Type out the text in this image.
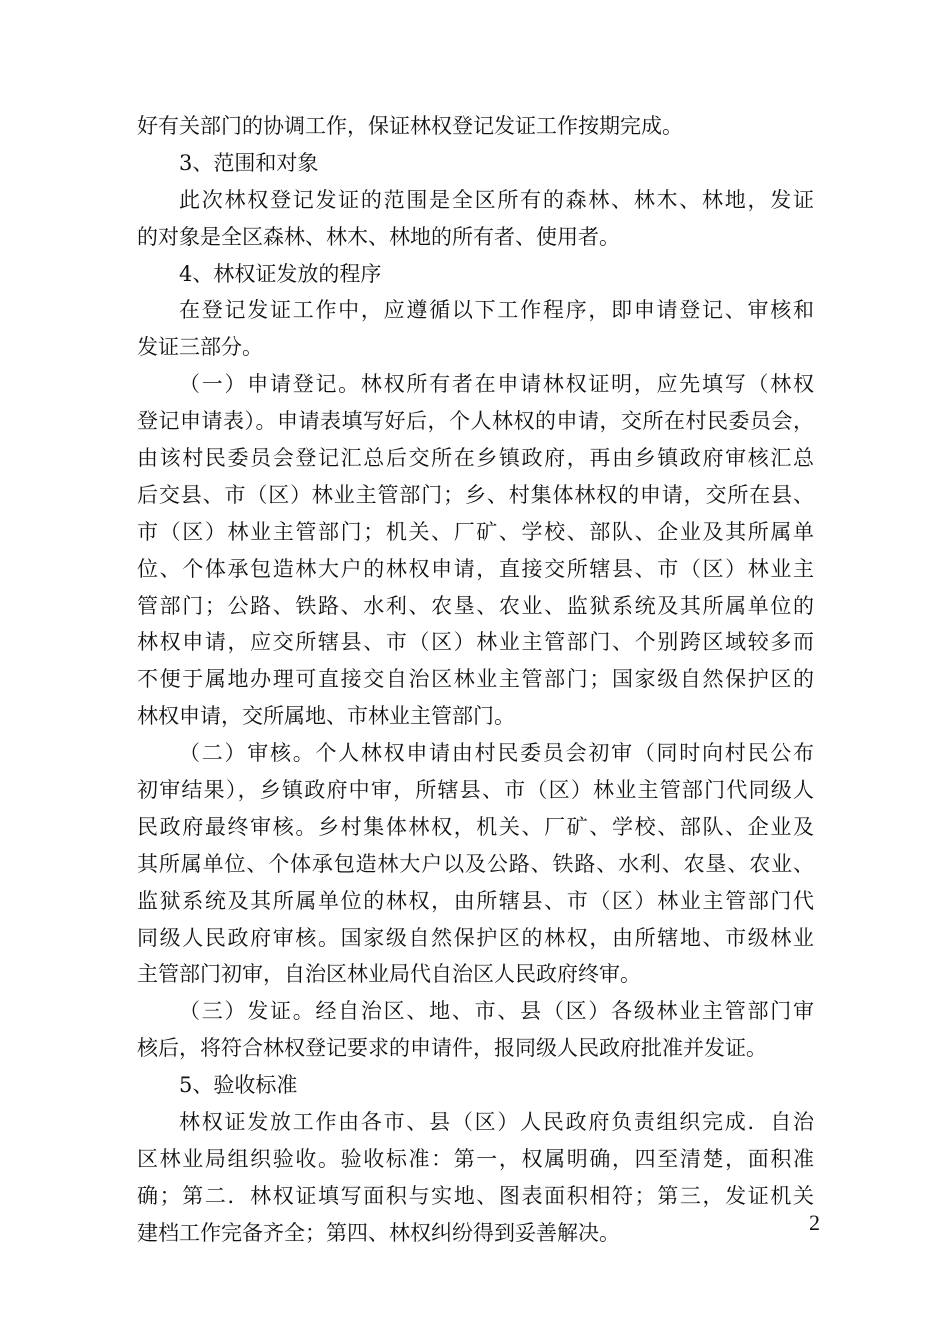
好有关部门的协调工作，保证林权登记发证工作按期完成。
3、范围和对象
此次林权登记发证的范围是全区所有的森林、林木、林地，发证
的对象是全区森林、林木、林地的所有者、使用者。
4、林权证发放的程序
在登记发证工作中，应遵循以下工作程序，即申请登记、审核和
发证三部分。
（一）申请登记。林权所有者在申请林权证明，应先填写（林权
登记申请表）。申请表填写好后，个人林权的申请，交所在村民委员会，
由该村民委员会登记汇总后交所在乡镇政府，再由乡镇政府审核汇总
后交县、市（区）林业主管部门；乡、村集体林权的申请，交所在县、
市（区）林业主管部门；机关、厂矿、学校、部队、企业及其所属单
位、个体承包造林大户的林权申请，直接交所辖县、市（区）林业主
管部门；公路、铁路、水利、农垦、农业、监狱系统及其所属单位的
林权申请，应交所辖县、市（区）林业主管部门、个别跨区域较多而
不便于属地办理可直接交自治区林业主管部门；国家级自然保护区的
林权申请，交所属地、市林业主管部门。
（二）审核。个人林权申请由村民委员会初审（同时向村民公布
初审结果），乡镇政府中审，所辖县、市（区）林业主管部门代同级人
民政府最终审核。乡村集体林权，机关、厂矿、学校、部队、企业及
其所属单位、个体承包造林大户以及公路、铁路、水利、农垦、农业、
监狱系统及其所属单位的林权，由所辖县、市（区）林业主管部门代
同级人民政府审核。国家级自然保护区的林权，由所辖地、市级林业
主管部门初审，自治区林业局代自治区人民政府终审。
（三）发证。经自治区、地、市、县（区）各级林业主管部门审
核后，将符合林权登记要求的申请件，报同级人民政府批准并发证。
5、验收标准
林权证发放工作由各市、县（区）人民政府负责组织完成．自治
区林业局组织验收。验收标准：第一，权属明确，四至清楚，面积准
确；第二．林权证填写面积与实地、图表面积相符；第三，发证机关
建档工作完备齐全；第四、林权纠纷得到妥善解决。	2
